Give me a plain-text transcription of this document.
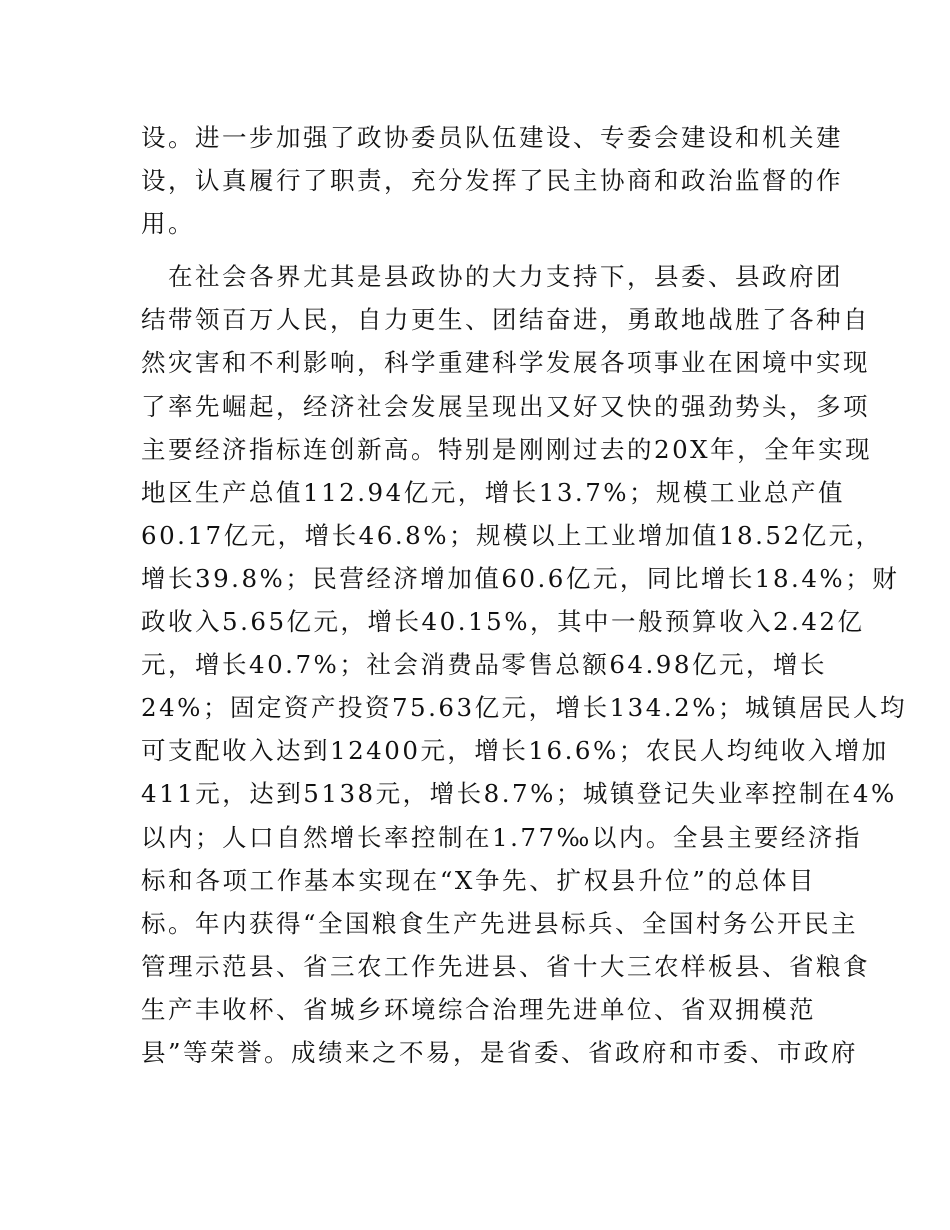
设。进一步加强了政协委员队伍建设、专委会建设和机关建
设，认真履行了职责，充分发挥了民主协商和政治监督的作
用。
　在社会各界尤其是县政协的大力支持下，县委、县政府团
结带领百万人民，自力更生、团结奋进，勇敢地战胜了各种自
然灾害和不利影响，科学重建科学发展各项事业在困境中实现
了率先崛起，经济社会发展呈现出又好又快的强劲势头，多项
主要经济指标连创新高。特别是刚刚过去的20X年，全年实现
地区生产总值112.94亿元，增长13.7%；规模工业总产值
60.17亿元，增长46.8%；规模以上工业增加值18.52亿元，
增长39.8%；民营经济增加值60.6亿元，同比增长18.4%；财
政收入5.65亿元，增长40.15%，其中一般预算收入2.42亿
元，增长40.7%；社会消费品零售总额64.98亿元，增长
24%；固定资产投资75.63亿元，增长134.2%；城镇居民人均
可支配收入达到12400元，增长16.6%；农民人均纯收入增加
411元，达到5138元，增长8.7%；城镇登记失业率控制在4%
以内；人口自然增长率控制在1.77‰以内。全县主要经济指
标和各项工作基本实现在“X争先、扩权县升位”的总体目
标。年内获得“全国粮食生产先进县标兵、全国村务公开民主
管理示范县、省三农工作先进县、省十大三农样板县、省粮食
生产丰收杯、省城乡环境综合治理先进单位、省双拥模范
县”等荣誉。成绩来之不易，是省委、省政府和市委、市政府
